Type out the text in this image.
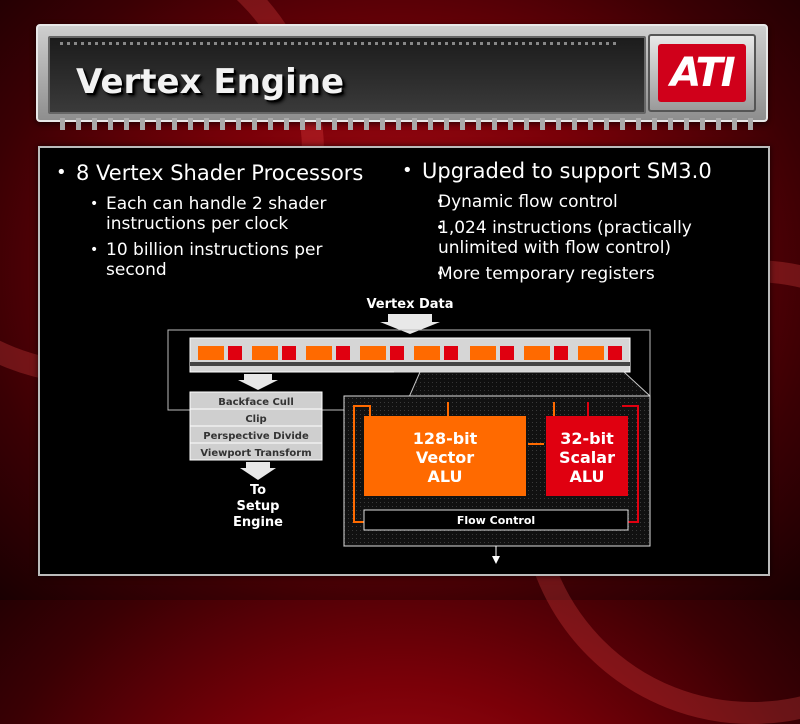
Vertex Engine	ATI
• 8 Vertex Shader Processors
• Each can handle 2 shader instructions per clock
• 10 billion instructions per second
• Upgraded to support SM3.0
• Dynamic flow control
• 1,024 instructions (practically unlimited with flow control)
• More temporary registers
Vertex Data
Backface Cull
Clip
Perspective Divide
Viewport Transform
To
Setup
Engine
128-bit
Vector
ALU
32-bit
Scalar
ALU
Flow Control
